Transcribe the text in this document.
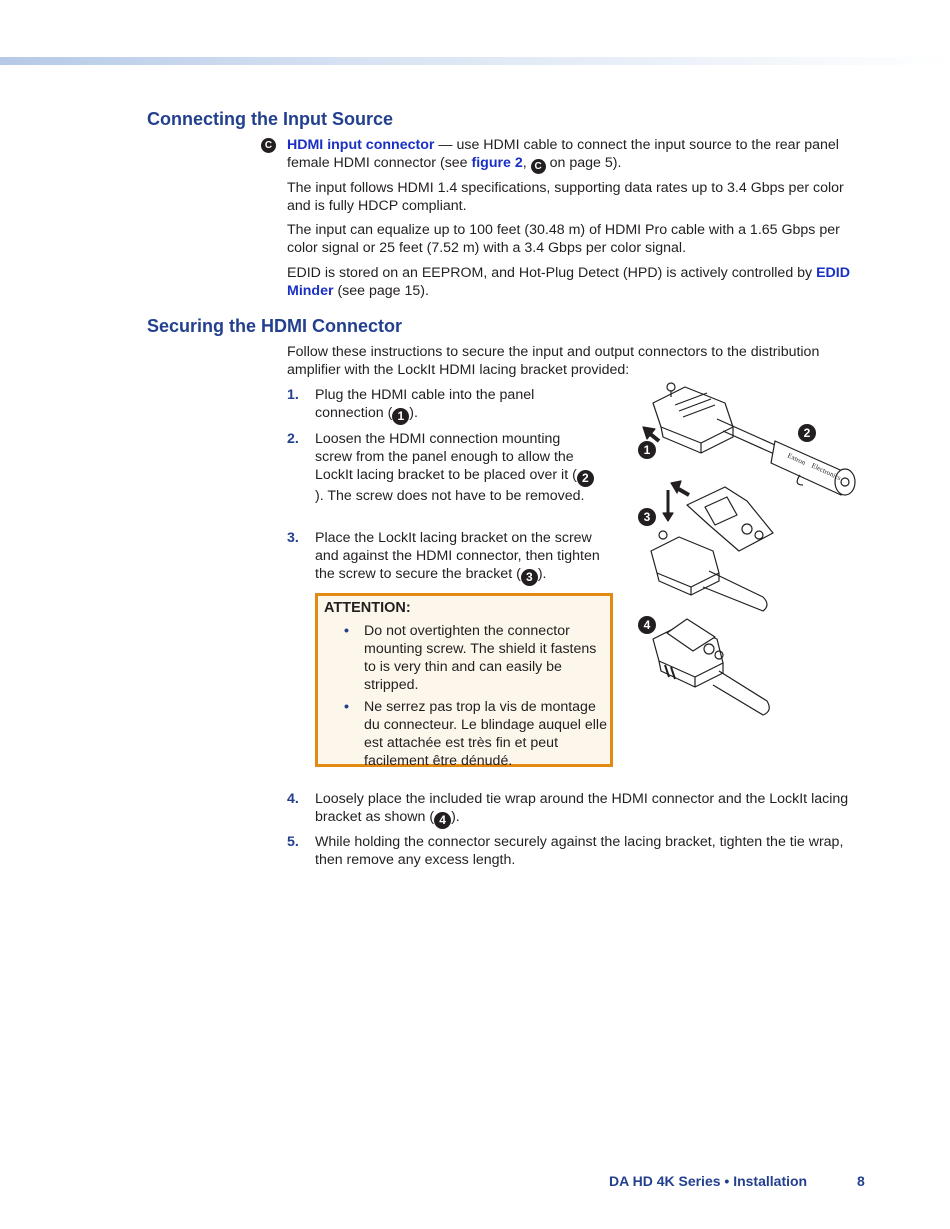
Connecting the Input Source
C HDMI input connector — use HDMI cable to connect the input source to the rear panel female HDMI connector (see figure 2, C on page 5).

The input follows HDMI 1.4 specifications, supporting data rates up to 3.4 Gbps per color and is fully HDCP compliant.

The input can equalize up to 100 feet (30.48 m) of HDMI Pro cable with a 1.65 Gbps per color signal or 25 feet (7.52 m) with a 3.4 Gbps per color signal.

EDID is stored on an EEPROM, and Hot-Plug Detect (HPD) is actively controlled by EDID Minder (see page 15).

Securing the HDMI Connector

Follow these instructions to secure the input and output connectors to the distribution amplifier with the LockIt HDMI lacing bracket provided:

1.	Plug the HDMI cable into the panel connection ( 1 ).
2.	Loosen the HDMI connection mounting screw from the panel enough to allow the LockIt lacing bracket to be placed over it ( 2). The screw does not have to be removed.
3.	Place the LockIt lacing bracket on the screw and against the HDMI connector, then tighten the screw to secure the bracket ( 3 ).
ATTENTION:
• Do not overtighten the connector mounting screw. The shield it fastens to is very thin and can easily be stripped.
• Ne serrez pas trop la vis de montage du connecteur. Le blindage auquel elle est attachée est très fin et peut facilement être dénudé.
1
2
3
4
Extron
Electronics
4.	Loosely place the included tie wrap around the HDMI connector and the LockIt lacing bracket as shown ( 4 ).
5.	While holding the connector securely against the lacing bracket, tighten the tie wrap, then remove any excess length.
DA HD 4K Series • Installation	8
